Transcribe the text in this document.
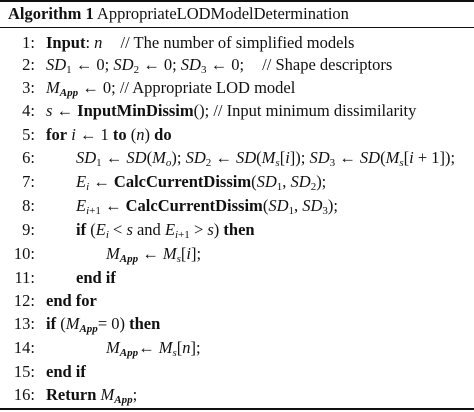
Algorithm 1 AppropriateLODModelDetermination
1: Input: n // The number of simplified models
2: $SD_1$ ← 0; $SD_2$ ← 0; $SD_3$ ← 0; // Shape descriptors
3: $M_{App}$ ← 0; // Appropriate LOD model
4: s ← InputMinDissim(); // Input minimum dissimilarity
5: for i ← 1 to (n) do
6: $SD_1$ ← $SD(M_o)$; $SD_2$ ← $SD(M_s[i])$; $SD_3$ ← $SD(M_s[i + 1])$;
7: $E_i$ ← $CalcCurrentDissim(SD_1$, $SD_2$);
8: $E_{i+1}$ ← $CalcCurrentDissim(SD_1$, $SD_3$);
9: if ($E_i < s$ and $E_{i+1} > s$) then
10:	$M_{App}$ ← $M_s[i]$;
11: end if
12: end for
13: if $(M_{App}= 0)$ then
14:	$M_{App}\leftarrow$ $M_s[n]$;
15: end if
16: Return $M_{App}$;
